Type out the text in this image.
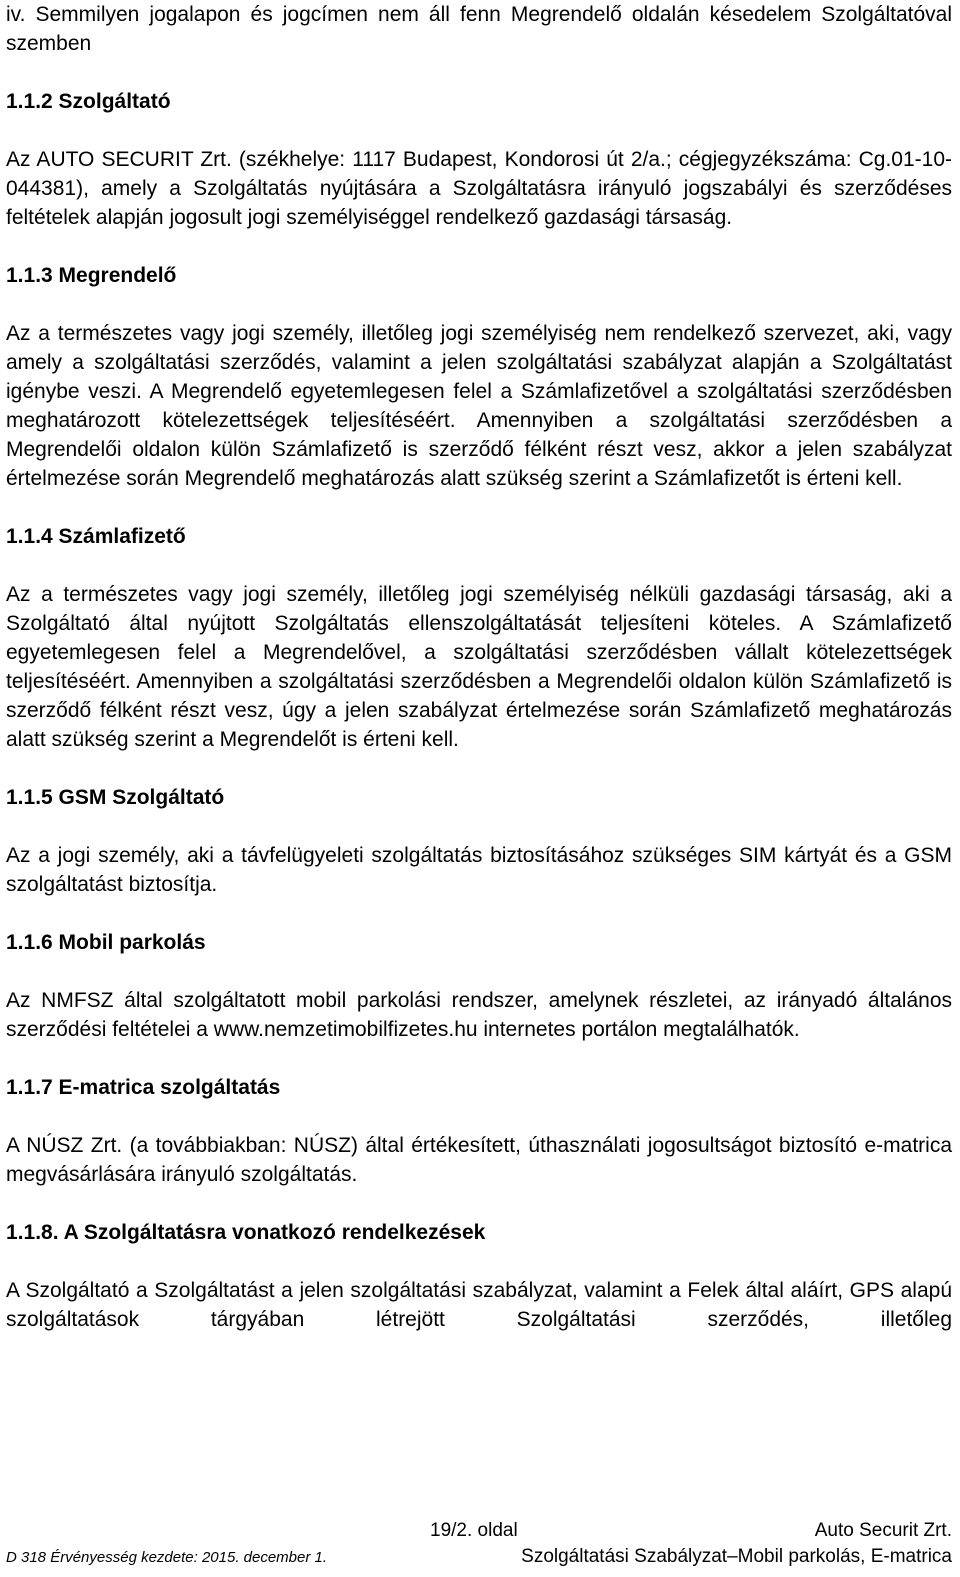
iv. Semmilyen jogalapon és jogcímen nem áll fenn Megrendelő oldalán késedelem Szolgáltatóval szemben

1.1.2 Szolgáltató

Az AUTO SECURIT Zrt. (székhelye: 1117 Budapest, Kondorosi út 2/a.; cégjegyzékszáma: Cg.01-10-044381), amely a Szolgáltatás nyújtására a Szolgáltatásra irányuló jogszabályi és szerződéses feltételek alapján jogosult jogi személyiséggel rendelkező gazdasági társaság.

1.1.3 Megrendelő

Az a természetes vagy jogi személy, illetőleg jogi személyiség nem rendelkező szervezet, aki, vagy amely a szolgáltatási szerződés, valamint a jelen szolgáltatási szabályzat alapján a Szolgáltatást igénybe veszi. A Megrendelő egyetemlegesen felel a Számlafizetővel a szolgáltatási szerződésben meghatározott kötelezettségek teljesítéséért. Amennyiben a szolgáltatási szerződésben a Megrendelői oldalon külön Számlafizető is szerződő félként részt vesz, akkor a jelen szabályzat értelmezése során Megrendelő meghatározás alatt szükség szerint a Számlafizetőt is érteni kell.

1.1.4 Számlafizető

Az a természetes vagy jogi személy, illetőleg jogi személyiség nélküli gazdasági társaság, aki a Szolgáltató által nyújtott Szolgáltatás ellenszolgáltatását teljesíteni köteles. A Számlafizető egyetemlegesen felel a Megrendelővel, a szolgáltatási szerződésben vállalt kötelezettségek teljesítéséért. Amennyiben a szolgáltatási szerződésben a Megrendelői oldalon külön Számlafizető is szerződő félként részt vesz, úgy a jelen szabályzat értelmezése során Számlafizető meghatározás alatt szükség szerint a Megrendelőt is érteni kell.

1.1.5 GSM Szolgáltató

Az a jogi személy, aki a távfelügyeleti szolgáltatás biztosításához szükséges SIM kártyát és a GSM szolgáltatást biztosítja.

1.1.6 Mobil parkolás

Az NMFSZ által szolgáltatott mobil parkolási rendszer, amelynek részletei, az irányadó általános szerződési feltételei a www.nemzetimobilfizetes.hu internetes portálon megtalálhatók.

1.1.7 E-matrica szolgáltatás

A NÚSZ Zrt. (a továbbiakban: NÚSZ) által értékesített, úthasználati jogosultságot biztosító e-matrica megvásárlására irányuló szolgáltatás.

1.1.8. A Szolgáltatásra vonatkozó rendelkezések

A Szolgáltató a Szolgáltatást a jelen szolgáltatási szabályzat, valamint a Felek által aláírt, GPS alapú szolgáltatások tárgyában létrejött Szolgáltatási szerződés, illetőleg

D 318 Érvényesség kezdete: 2015. december 1.
19/2. oldal	Auto Securit Zrt.
Szolgáltatási Szabályzat–Mobil parkolás, E-matrica
